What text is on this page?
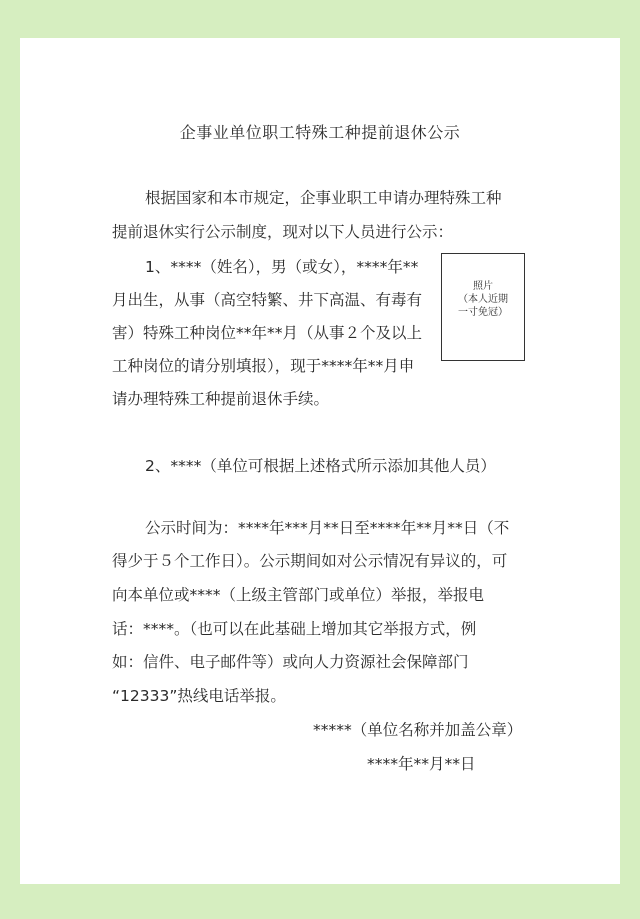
企事业单位职工特殊工种提前退休公示
根据国家和本市规定，企事业职工申请办理特殊工种
提前退休实行公示制度，现对以下人员进行公示：
1、****（姓名），男（或女），****年**
月出生，从事（高空特繁、井下高温、有毒有
害）特殊工种岗位**年**月（从事２个及以上
工种岗位的请分别填报），现于****年**月申
请办理特殊工种提前退休手续。
照片
（本人近期
一寸免冠）
2、****（单位可根据上述格式所示添加其他人员）
公示时间为：****年***月**日至****年**月**日（不
得少于５个工作日）。公示期间如对公示情况有异议的，可
向本单位或****（上级主管部门或单位）举报，举报电
话：****。（也可以在此基础上增加其它举报方式，例
如：信件、电子邮件等）或向人力资源社会保障部门
“12333”热线电话举报。
*****（单位名称并加盖公章）
****年**月**日
